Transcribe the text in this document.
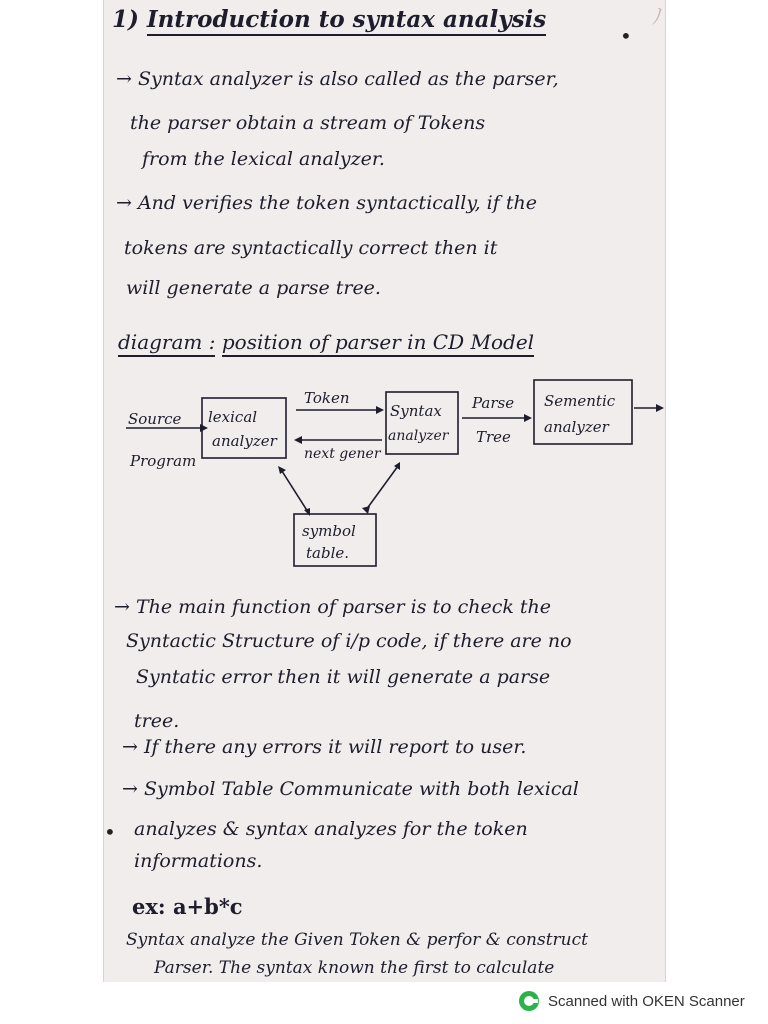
ﾉ
1) Introduction to syntax analysis
•
→ Syntax analyzer is also called as the parser,
the parser obtain a stream of Tokens
from the lexical analyzer.
→ And verifies the token syntactically, if the
tokens are syntactically correct then it
will generate a parse tree.
diagram : position of parser in CD Model
Source
Program
lexical
analyzer
Token
next gener
Syntax
analyzer
Parse
Tree
Sementic
analyzer
symbol
table.
→ The main function of parser is to check the
Syntactic Structure of i/p code, if there are no
Syntatic error then it will generate a parse
tree.
→ If there any errors it will report to user.
→ Symbol Table Communicate with both lexical
• analyzes & syntax analyzes for the token
informations.
ex: a+b*c
Syntax analyze the Given Token & perfor & construct
Parser. The syntax known the first to calculate
Scanned with OKEN Scanner
